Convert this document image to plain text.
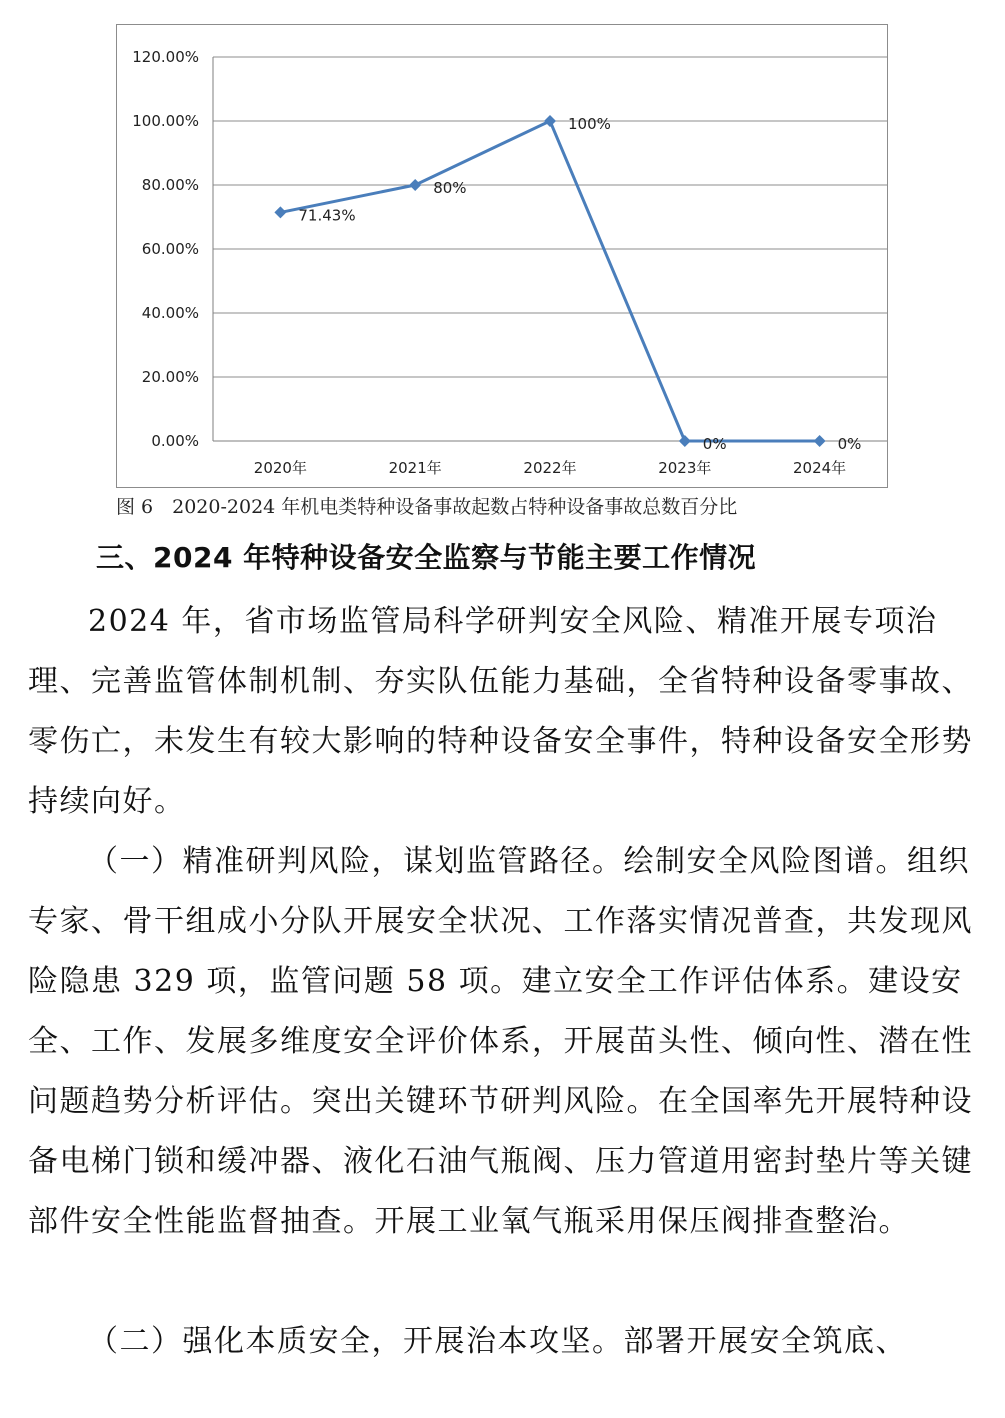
0.00%
20.00%
40.00%
60.00%
80.00%
100.00%
120.00%
2020年	2021年	2022年	2023年	2024年
71.43%
80%
100%
0%	0%
图 6　2020-2024 年机电类特种设备事故起数占特种设备事故总数百分比
三、2024 年特种设备安全监察与节能主要工作情况

2024 年，省市场监管局科学研判安全风险、精准开展专项治理、完善监管体制机制、夯实队伍能力基础，全省特种设备零事故、零伤亡，未发生有较大影响的特种设备安全事件，特种设备安全形势持续向好。

（一）精准研判风险，谋划监管路径。绘制安全风险图谱。组织专家、骨干组成小分队开展安全状况、工作落实情况普查，共发现风险隐患 329 项，监管问题 58 项。建立安全工作评估体系。建设安全、工作、发展多维度安全评价体系，开展苗头性、倾向性、潜在性问题趋势分析评估。突出关键环节研判风险。在全国率先开展特种设备电梯门锁和缓冲器、液化石油气瓶阀、压力管道用密封垫片等关键部件安全性能监督抽查。开展工业氧气瓶采用保压阀排查整治。

（二）强化本质安全，开展治本攻坚。部署开展安全筑底、
